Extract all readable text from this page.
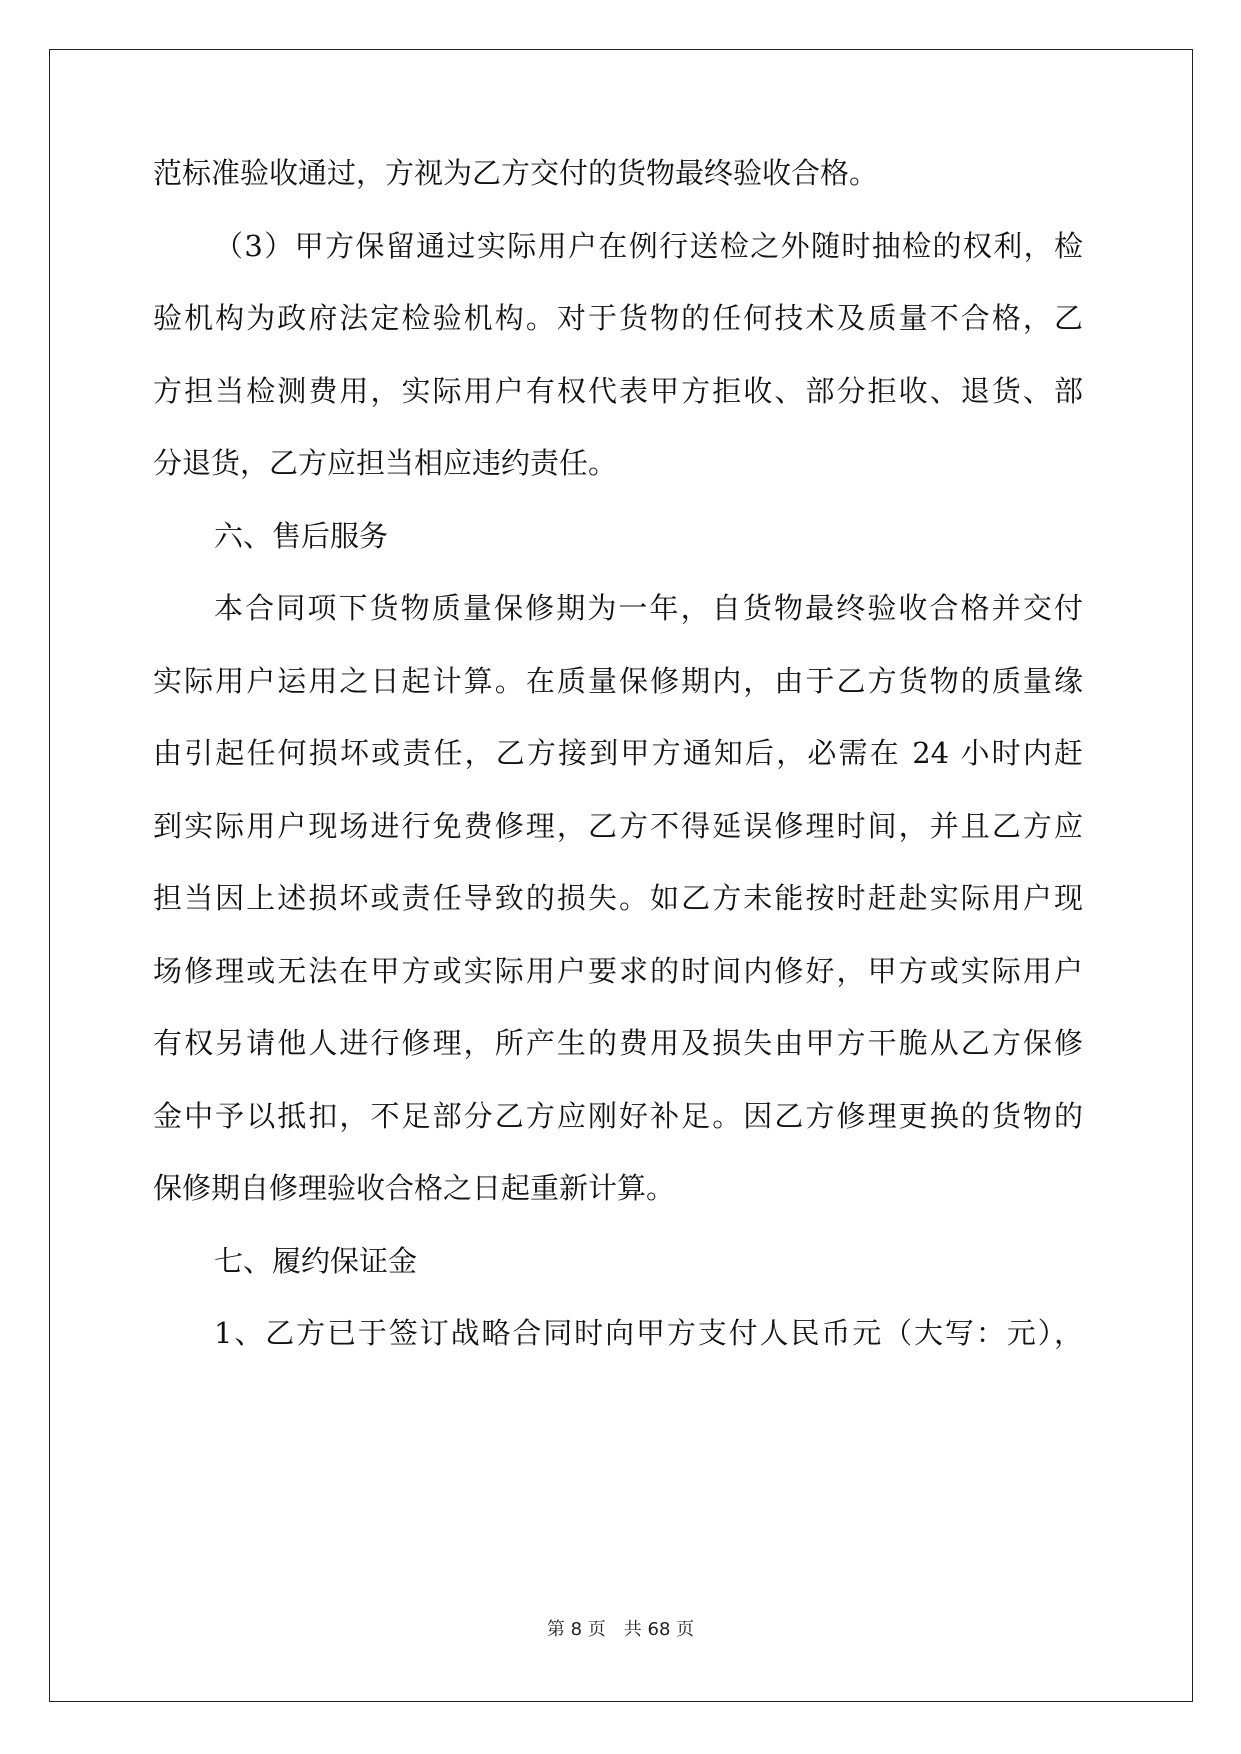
范标准验收通过，方视为乙方交付的货物最终验收合格。
（3）甲方保留通过实际用户在例行送检之外随时抽检的权利，检
验机构为政府法定检验机构。对于货物的任何技术及质量不合格，乙
方担当检测费用，实际用户有权代表甲方拒收、部分拒收、退货、部
分退货，乙方应担当相应违约责任。
六、售后服务
本合同项下货物质量保修期为一年，自货物最终验收合格并交付
实际用户运用之日起计算。在质量保修期内，由于乙方货物的质量缘
由引起任何损坏或责任，乙方接到甲方通知后，必需在 24 小时内赶
到实际用户现场进行免费修理，乙方不得延误修理时间，并且乙方应
担当因上述损坏或责任导致的损失。如乙方未能按时赶赴实际用户现
场修理或无法在甲方或实际用户要求的时间内修好，甲方或实际用户
有权另请他人进行修理，所产生的费用及损失由甲方干脆从乙方保修
金中予以抵扣，不足部分乙方应刚好补足。因乙方修理更换的货物的
保修期自修理验收合格之日起重新计算。
七、履约保证金
1、乙方已于签订战略合同时向甲方支付人民币元（大写：元），
第 8 页　共 68 页
